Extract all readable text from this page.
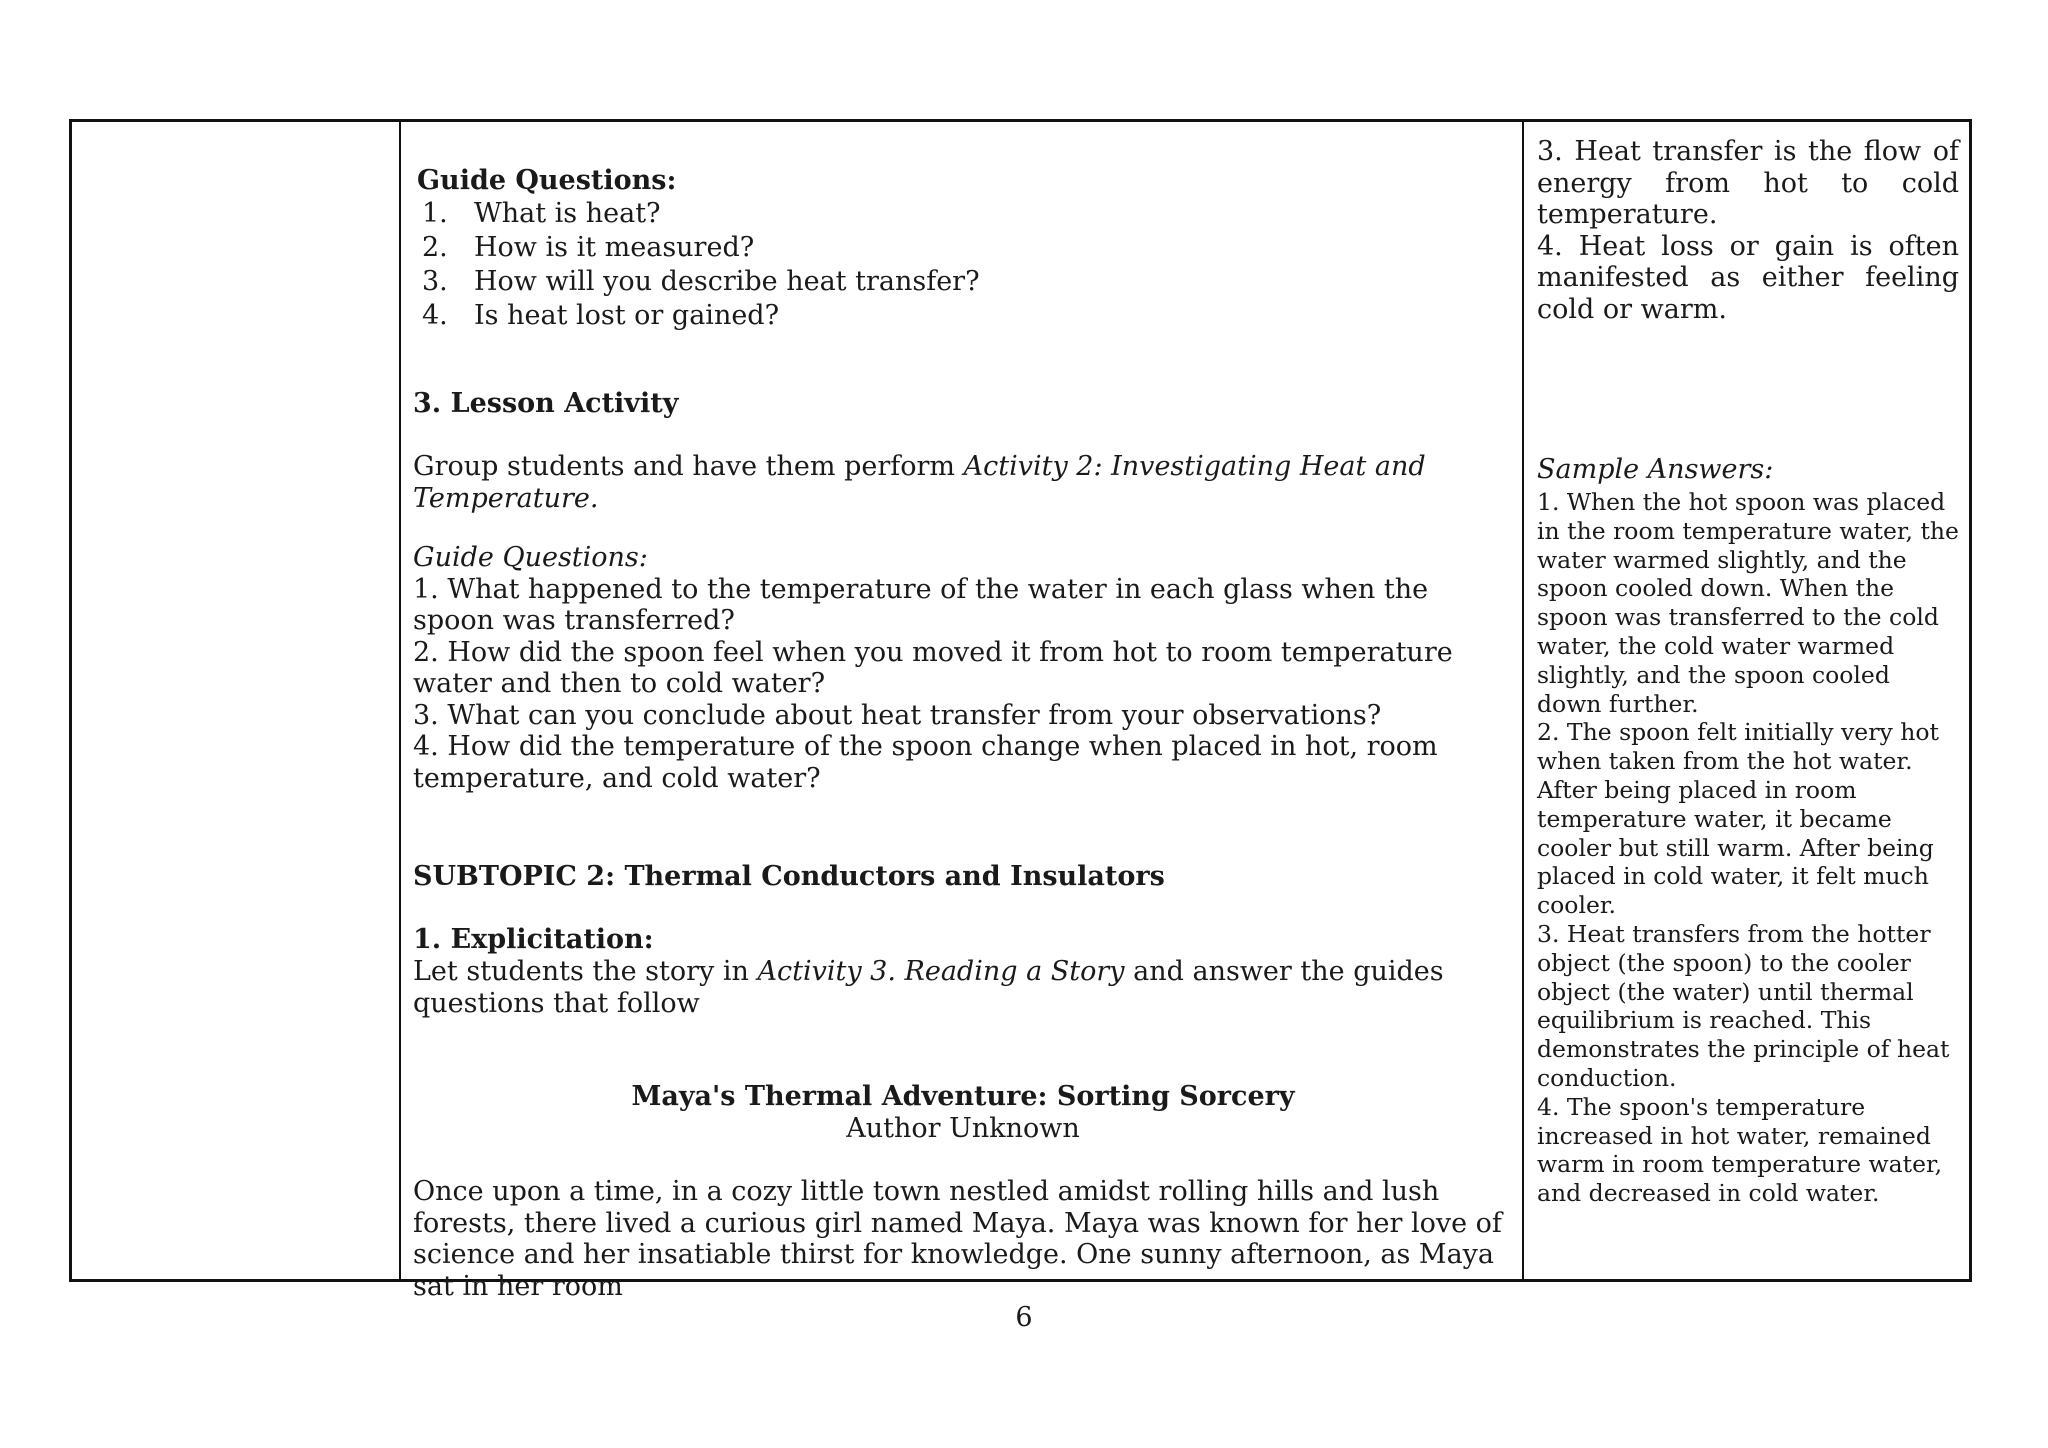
Guide Questions:

1. What is heat?
2. How is it measured?
3. How will you describe heat transfer?
4. Is heat lost or gained?

3. Lesson Activity

Group students and have them perform Activity 2: Investigating Heat and Temperature.

Guide Questions:

1. What happened to the temperature of the water in each glass when the spoon was transferred?

2. How did the spoon feel when you moved it from hot to room temperature water and then to cold water?

3. What can you conclude about heat transfer from your observations?

4. How did the temperature of the spoon change when placed in hot, room temperature, and cold water?

SUBTOPIC 2: Thermal Conductors and Insulators

1. Explicitation:

Let students the story in Activity 3. Reading a Story and answer the guides questions that follow

Maya's Thermal Adventure: Sorting Sorcery

Author Unknown

Once upon a time, in a cozy little town nestled amidst rolling hills and lush forests, there lived a curious girl named Maya. Maya was known for her love of science and her insatiable thirst for knowledge. One sunny afternoon, as Maya sat in her room

3. Heat transfer is the flow of energy from hot to cold temperature.

4. Heat loss or gain is often manifested as either feeling cold or warm.

Sample Answers:

1. When the hot spoon was placed in the room temperature water, the water warmed slightly, and the spoon cooled down. When the spoon was transferred to the cold water, the cold water warmed slightly, and the spoon cooled down further.

2. The spoon felt initially very hot when taken from the hot water. After being placed in room temperature water, it became cooler but still warm. After being placed in cold water, it felt much cooler.

3. Heat transfers from the hotter object (the spoon) to the cooler object (the water) until thermal equilibrium is reached. This demonstrates the principle of heat conduction.

4. The spoon's temperature increased in hot water, remained warm in room temperature water, and decreased in cold water.

6
